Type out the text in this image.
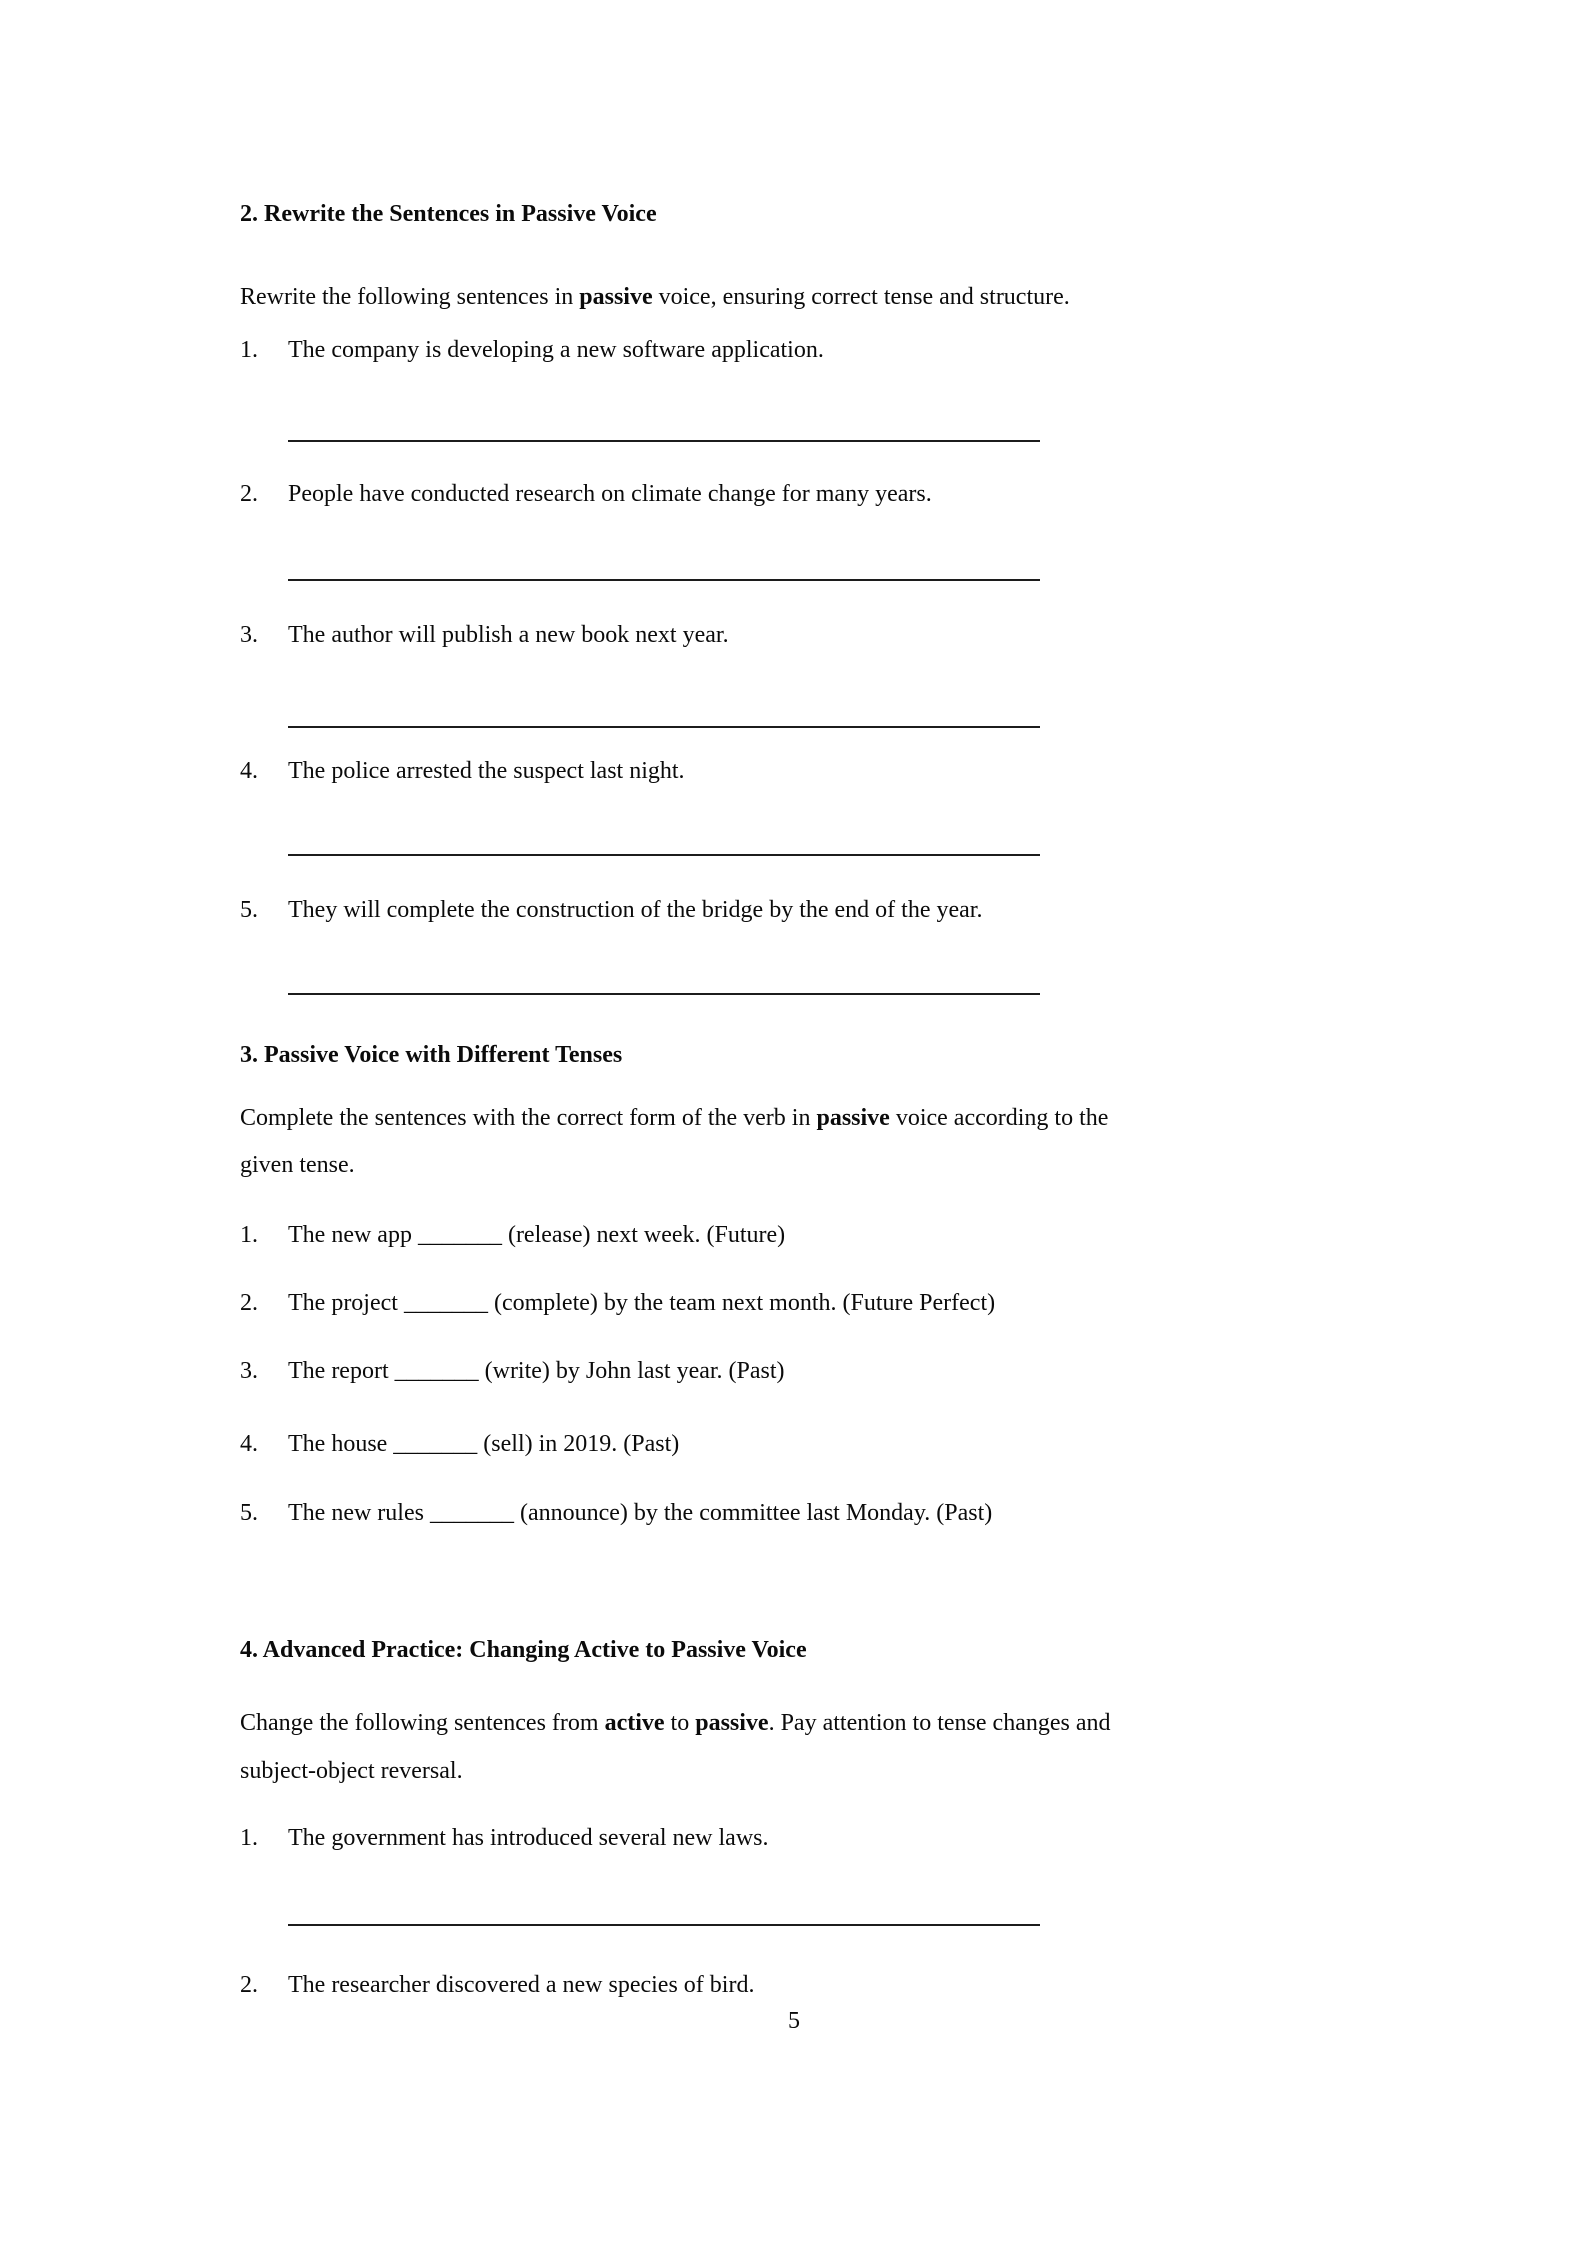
2. Rewrite the Sentences in Passive Voice
Rewrite the following sentences in passive voice, ensuring correct tense and structure.
1. The company is developing a new software application.
2. People have conducted research on climate change for many years.
3. The author will publish a new book next year.
4. The police arrested the suspect last night.
5. They will complete the construction of the bridge by the end of the year.
3. Passive Voice with Different Tenses
Complete the sentences with the correct form of the verb in passive voice according to the
given tense.
1. The new app _______ (release) next week. (Future)
2. The project _______ (complete) by the team next month. (Future Perfect)
3. The report _______ (write) by John last year. (Past)
4. The house _______ (sell) in 2019. (Past)
5. The new rules _______ (announce) by the committee last Monday. (Past)
4. Advanced Practice: Changing Active to Passive Voice
Change the following sentences from active to passive. Pay attention to tense changes and
subject-object reversal.
1. The government has introduced several new laws.
2. The researcher discovered a new species of bird.
5
